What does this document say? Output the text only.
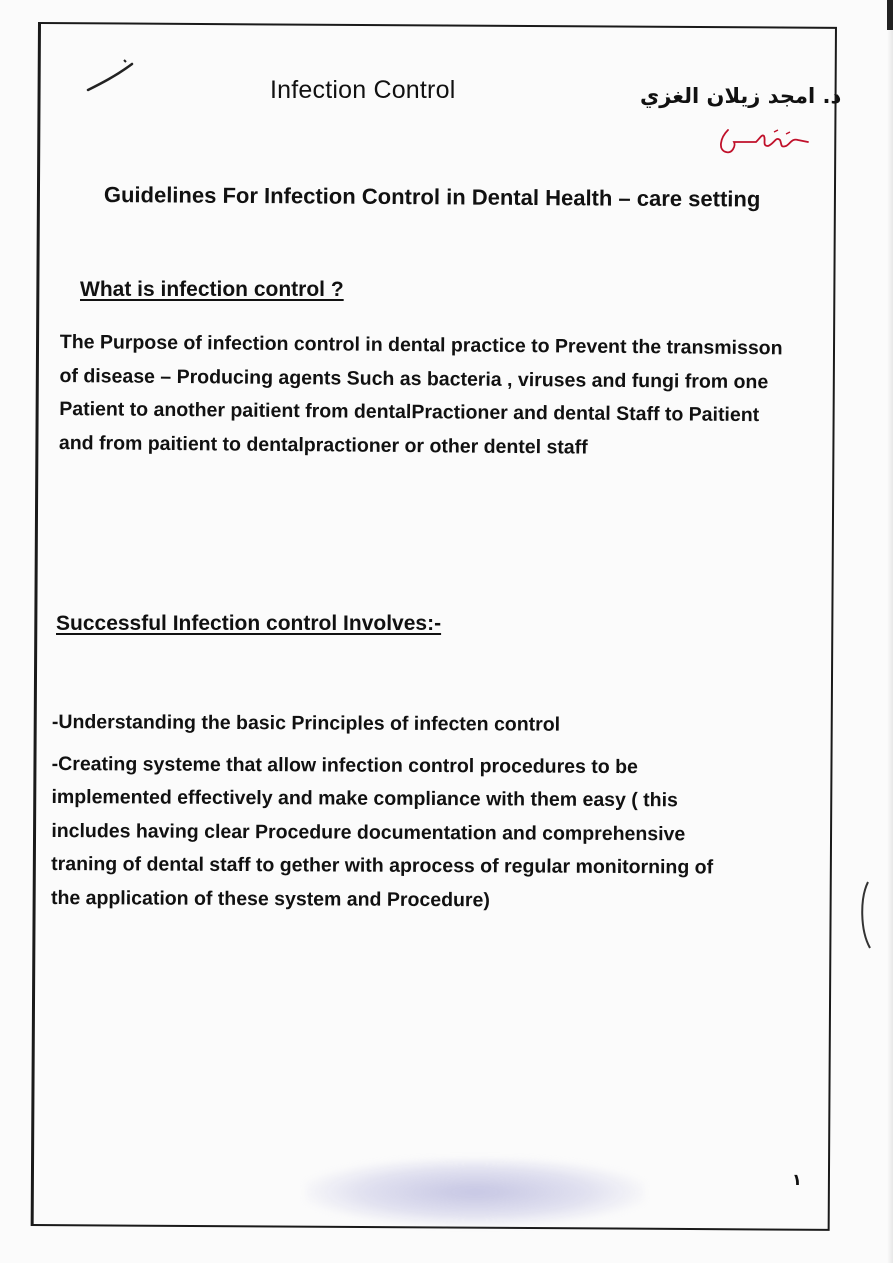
Infection Control	د. امجد زيلان الغزي
Guidelines For Infection Control in Dental Health – care setting
What is infection control ?
The Purpose of infection control in dental practice to Prevent the transmisson
of disease – Producing agents Such as bacteria , viruses and fungi from one
Patient to another paitient from dentalPractioner and dental Staff to Paitient
and from paitient to dentalpractioner or other dentel staff
Successful Infection control Involves:-
-Understanding the basic Principles of infecten control
-Creating systeme that allow infection control procedures to be
implemented effectively and make compliance with them easy ( this
includes having clear Procedure documentation and comprehensive
traning of dental staff to gether with aprocess of regular monitorning of
the application of these system and Procedure)
١
